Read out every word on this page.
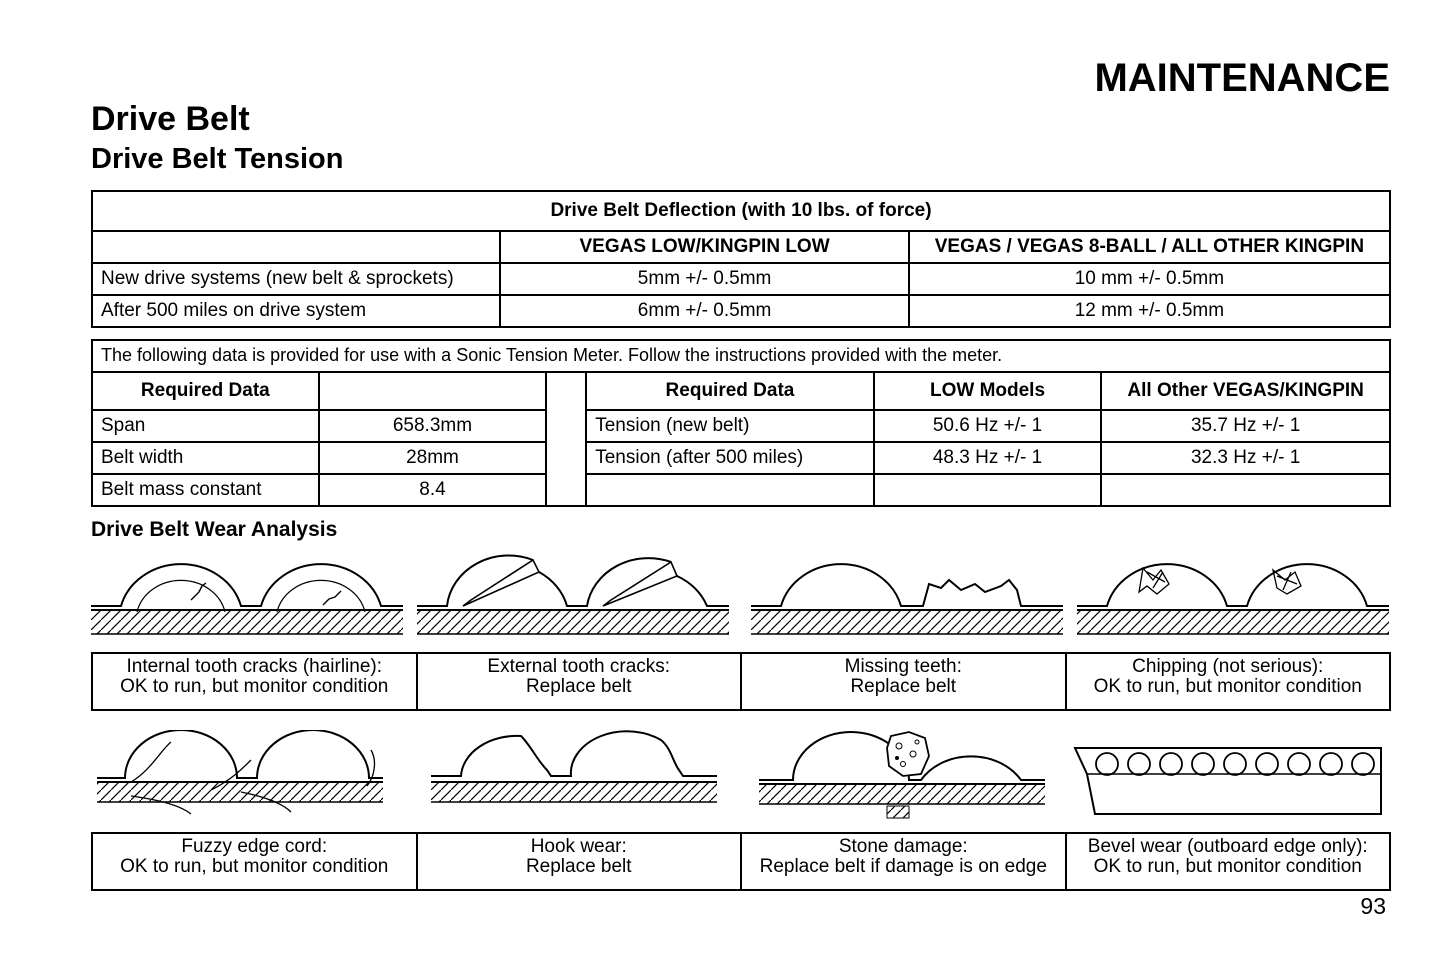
MAINTENANCE
Drive Belt
Drive Belt Tension
Drive Belt Deflection (with 10 lbs. of force)		
	VEGAS LOW/KINGPIN LOW	VEGAS / VEGAS 8-BALL / ALL OTHER KINGPIN
New drive systems (new belt & sprockets)	5mm +/- 0.5mm	10 mm +/- 0.5mm
After 500 miles on drive system	6mm +/- 0.5mm	12 mm +/- 0.5mm
The following data is provided for use with a Sonic Tension Meter. Follow the instructions provided with the meter.					
Required Data			Required Data	LOW Models	All Other VEGAS/KINGPIN
Span	658.3mm		Tension (new belt)	50.6 Hz +/- 1	35.7 Hz +/- 1
Belt width	28mm		Tension (after 500 miles)	48.3 Hz +/- 1	32.3 Hz +/- 1
Belt mass constant	8.4				
Drive Belt Wear Analysis
Internal tooth cracks (hairline):
OK to run, but monitor condition
External tooth cracks:
Replace belt
Missing teeth:
Replace belt
Chipping (not serious):
OK to run, but monitor condition
Fuzzy edge cord:
OK to run, but monitor condition
Hook wear:
Replace belt
Stone damage:
Replace belt if damage is on edge
Bevel wear (outboard edge only):
OK to run, but monitor condition
93
